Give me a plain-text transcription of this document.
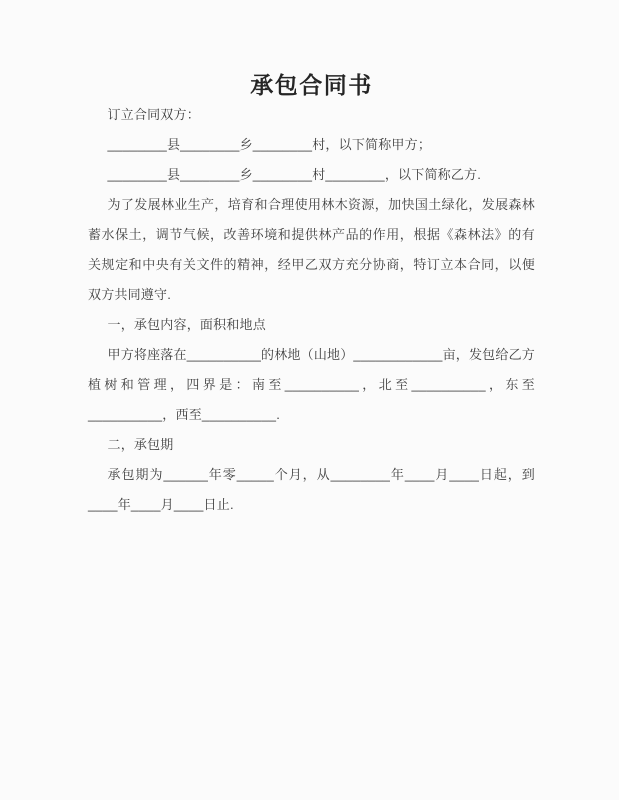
承包合同书

订立合同双方：

________县________乡________村，以下简称甲方；

________县________乡________村________，以下简称乙方.

为了发展林业生产，培育和合理使用林木资源，加快国土绿化，发展森林蓄水保土，调节气候，改善环境和提供林产品的作用，根据《森林法》的有关规定和中央有关文件的精神，经甲乙双方充分协商，特订立本合同，以便双方共同遵守.

一，承包内容，面积和地点

甲方将座落在__________的林地（山地）____________亩，发包给乙方植树和管理，四界是：南至__________，北至__________，东至__________，西至__________.

二，承包期

承包期为______年零_____个月，从________年____月____日起，到____年____月____日止.
